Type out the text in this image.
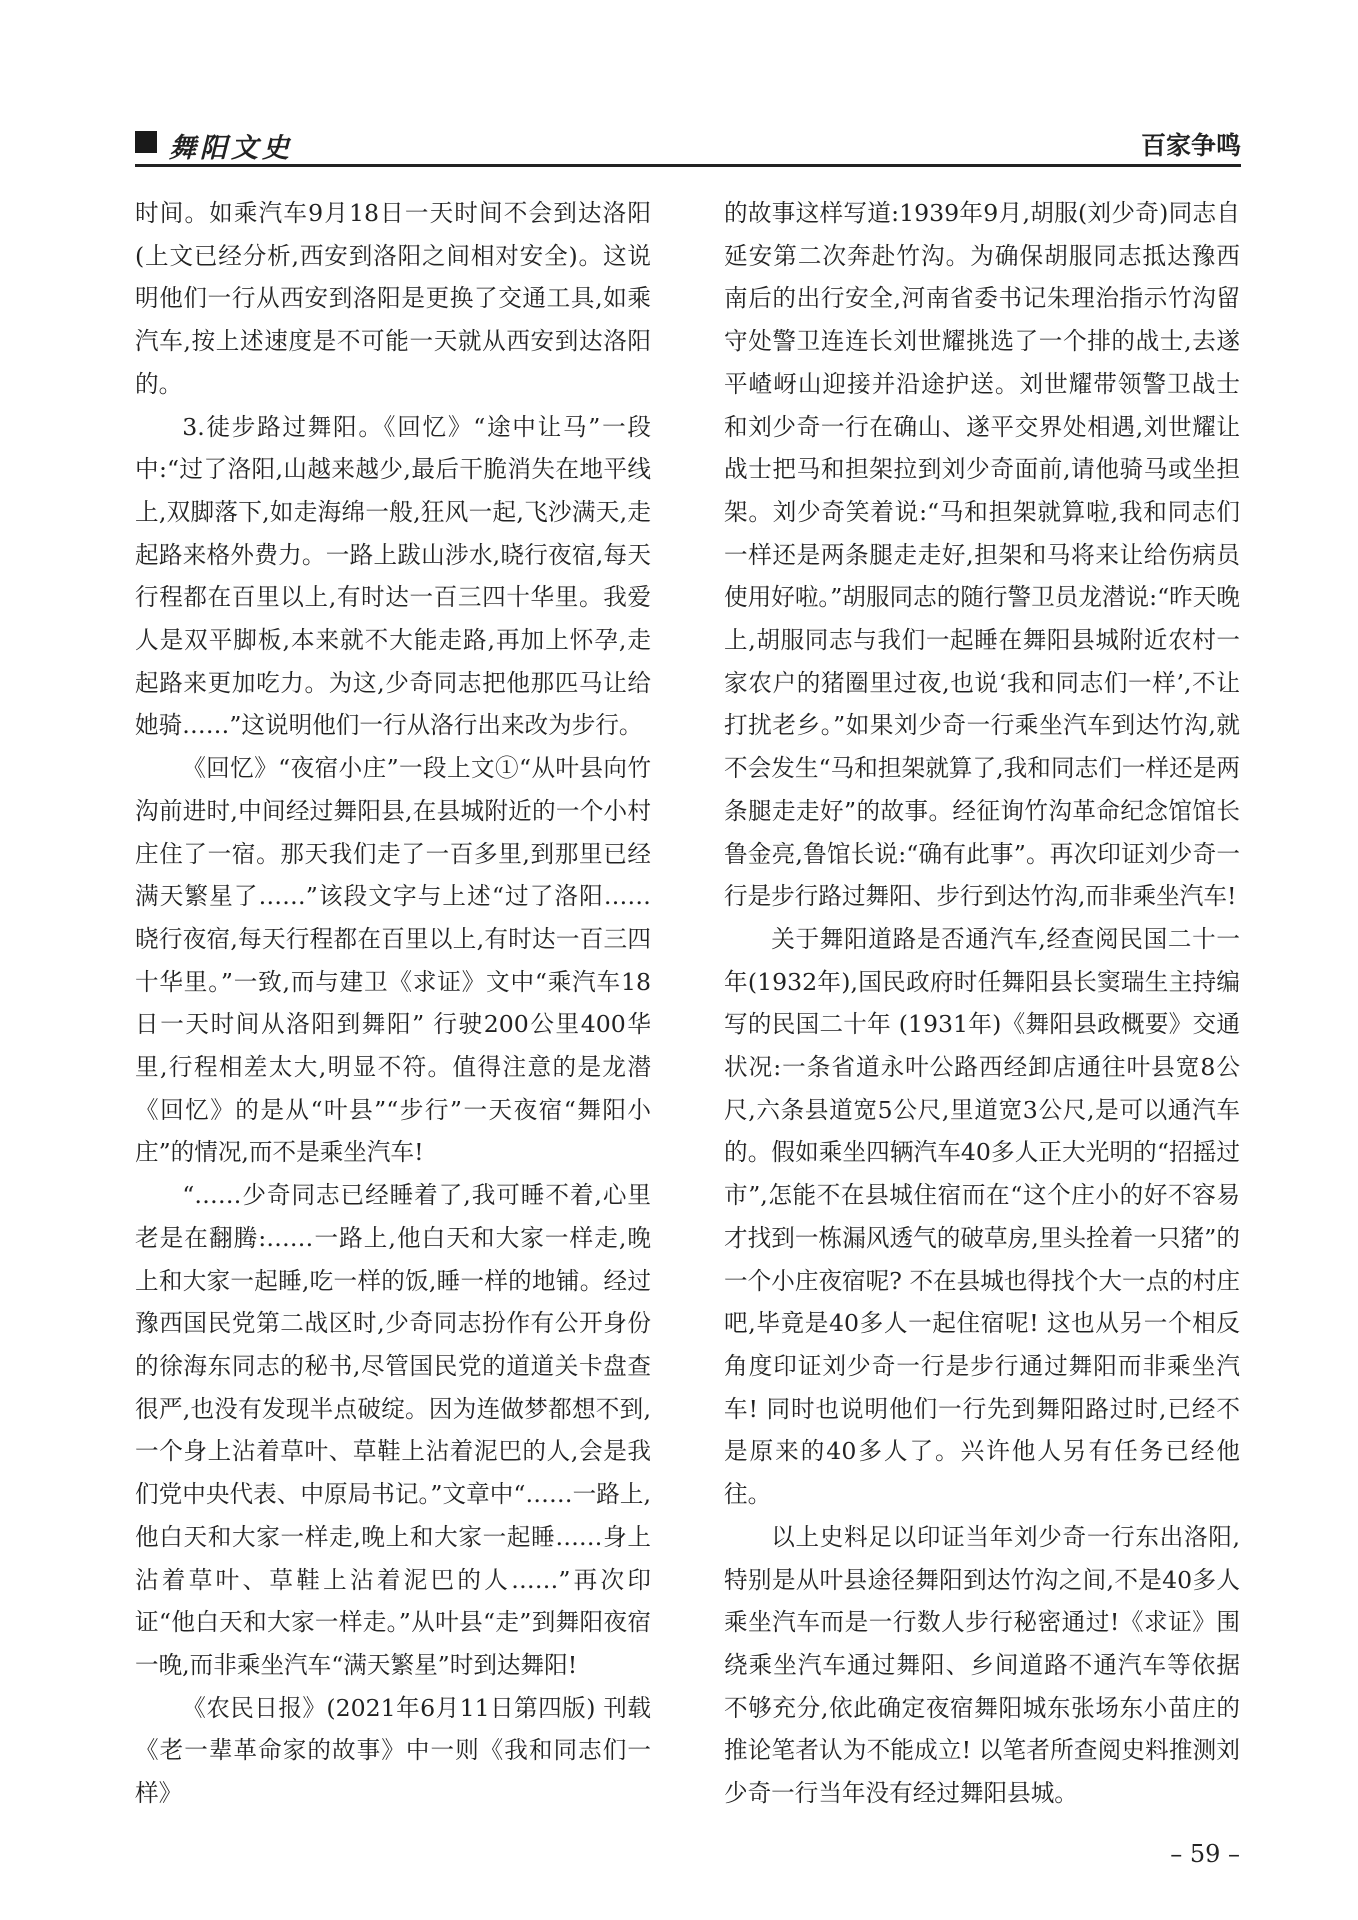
舞阳文史	百家争鸣

时间。如乘汽车9月18日一天时间不会到达洛阳(上文已经分析,西安到洛阳之间相对安全)。这说明他们一行从西安到洛阳是更换了交通工具,如乘汽车,按上述速度是不可能一天就从西安到达洛阳的。

3.徒步路过舞阳。《回忆》“途中让马”一段中:“过了洛阳,山越来越少,最后干脆消失在地平线上,双脚落下,如走海绵一般,狂风一起,飞沙满天,走起路来格外费力。一路上跋山涉水,晓行夜宿,每天行程都在百里以上,有时达一百三四十华里。我爱人是双平脚板,本来就不大能走路,再加上怀孕,走起路来更加吃力。为这,少奇同志把他那匹马让给她骑……”这说明他们一行从洛行出来改为步行。

《回忆》“夜宿小庄”一段上文①“从叶县向竹沟前进时,中间经过舞阳县,在县城附近的一个小村庄住了一宿。那天我们走了一百多里,到那里已经满天繁星了……”该段文字与上述“过了洛阳……晓行夜宿,每天行程都在百里以上,有时达一百三四十华里。”一致,而与建卫《求证》文中“乘汽车18日一天时间从洛阳到舞阳” 行驶200公里400华里,行程相差太大,明显不符。值得注意的是龙潜《回忆》的是从“叶县”“步行”一天夜宿“舞阳小庄”的情况,而不是乘坐汽车!

“……少奇同志已经睡着了,我可睡不着,心里老是在翻腾:……一路上,他白天和大家一样走,晚上和大家一起睡,吃一样的饭,睡一样的地铺。经过豫西国民党第二战区时,少奇同志扮作有公开身份的徐海东同志的秘书,尽管国民党的道道关卡盘查很严,也没有发现半点破绽。因为连做梦都想不到,一个身上沾着草叶、草鞋上沾着泥巴的人,会是我们党中央代表、中原局书记。”文章中“……一路上,他白天和大家一样走,晚上和大家一起睡……身上沾着草叶、草鞋上沾着泥巴的人……”再次印证“他白天和大家一样走。”从叶县“走”到舞阳夜宿一晚,而非乘坐汽车“满天繁星”时到达舞阳!

《农民日报》(2021年6月11日第四版) 刊载《老一辈革命家的故事》中一则《我和同志们一样》

的故事这样写道:1939年9月,胡服(刘少奇)同志自延安第二次奔赴竹沟。为确保胡服同志抵达豫西南后的出行安全,河南省委书记朱理治指示竹沟留守处警卫连连长刘世耀挑选了一个排的战士,去遂平嵖岈山迎接并沿途护送。刘世耀带领警卫战士和刘少奇一行在确山、遂平交界处相遇,刘世耀让战士把马和担架拉到刘少奇面前,请他骑马或坐担架。刘少奇笑着说:“马和担架就算啦,我和同志们一样还是两条腿走走好,担架和马将来让给伤病员使用好啦。”胡服同志的随行警卫员龙潜说:“昨天晚上,胡服同志与我们一起睡在舞阳县城附近农村一家农户的猪圈里过夜,也说‘我和同志们一样’,不让打扰老乡。”如果刘少奇一行乘坐汽车到达竹沟,就不会发生“马和担架就算了,我和同志们一样还是两条腿走走好”的故事。经征询竹沟革命纪念馆馆长鲁金亮,鲁馆长说:“确有此事”。再次印证刘少奇一行是步行路过舞阳、步行到达竹沟,而非乘坐汽车!

关于舞阳道路是否通汽车,经查阅民国二十一年(1932年),国民政府时任舞阳县长窦瑞生主持编写的民国二十年 (1931年)《舞阳县政概要》交通状况:一条省道永叶公路西经卸店通往叶县宽8公尺,六条县道宽5公尺,里道宽3公尺,是可以通汽车的。假如乘坐四辆汽车40多人正大光明的“招摇过市”,怎能不在县城住宿而在“这个庄小的好不容易才找到一栋漏风透气的破草房,里头拴着一只猪”的一个小庄夜宿呢? 不在县城也得找个大一点的村庄吧,毕竟是40多人一起住宿呢! 这也从另一个相反角度印证刘少奇一行是步行通过舞阳而非乘坐汽车! 同时也说明他们一行先到舞阳路过时,已经不是原来的40多人了。兴许他人另有任务已经他往。

以上史料足以印证当年刘少奇一行东出洛阳,特别是从叶县途径舞阳到达竹沟之间,不是40多人乘坐汽车而是一行数人步行秘密通过!《求证》围绕乘坐汽车通过舞阳、乡间道路不通汽车等依据不够充分,依此确定夜宿舞阳城东张场东小苗庄的推论笔者认为不能成立! 以笔者所查阅史料推测刘少奇一行当年没有经过舞阳县城。

– 59 –
